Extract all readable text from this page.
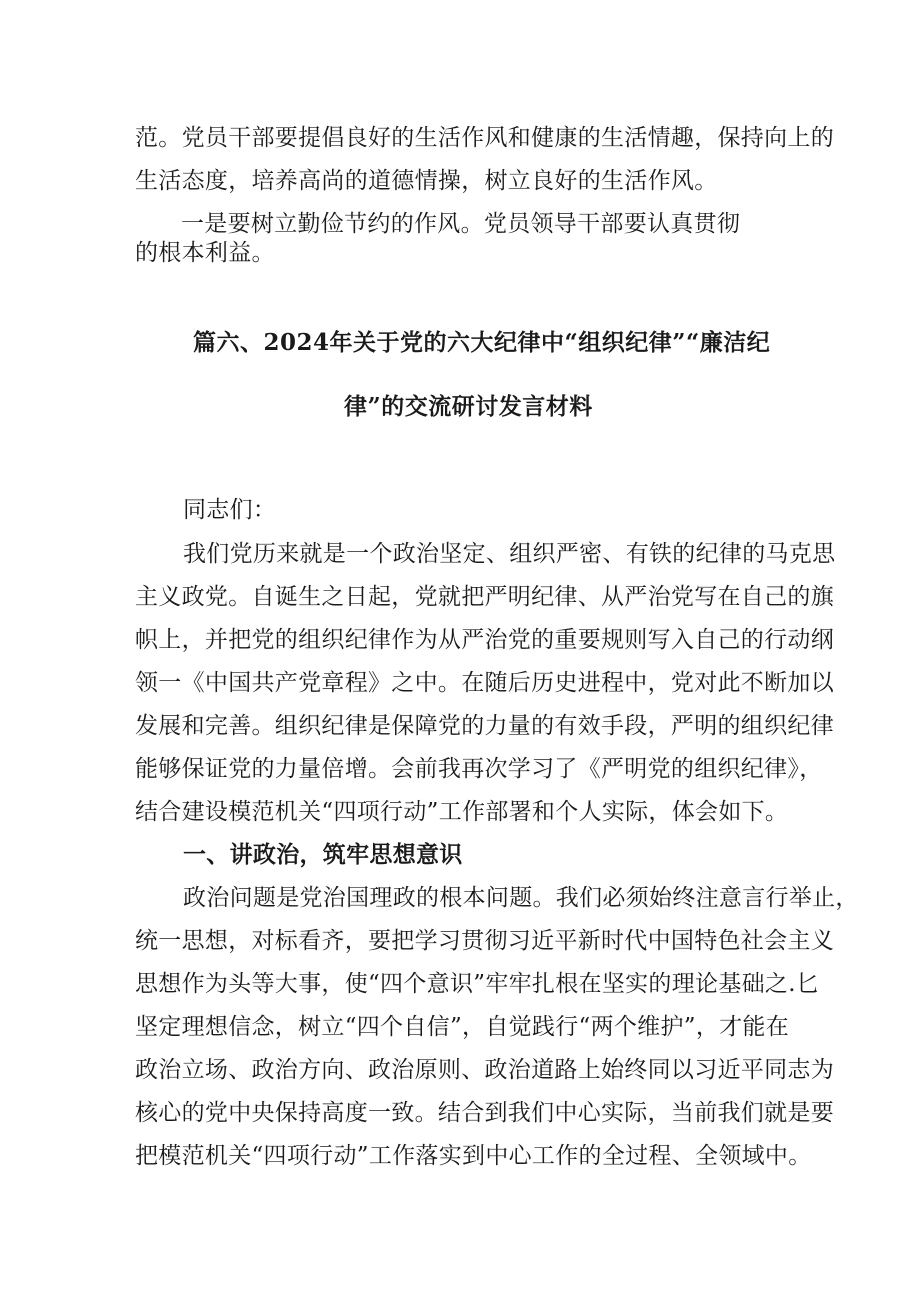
范。党员干部要提倡良好的生活作风和健康的生活情趣，保持向上的
生活态度，培养高尚的道德情操，树立良好的生活作风。
一是要树立勤俭节约的作风。党员领导干部要认真贯彻
的根本利益。
篇六、2024年关于党的六大纪律中“组织纪律”“廉洁纪
律”的交流研讨发言材料
同志们：
我们党历来就是一个政治坚定、组织严密、有铁的纪律的马克思
主义政党。自诞生之日起，党就把严明纪律、从严治党写在自己的旗
帜上，并把党的组织纪律作为从严治党的重要规则写入自己的行动纲
领一《中国共产党章程》之中。在随后历史进程中，党对此不断加以
发展和完善。组织纪律是保障党的力量的有效手段，严明的组织纪律
能够保证党的力量倍增。会前我再次学习了《严明党的组织纪律》，
结合建设模范机关“四项行动”工作部署和个人实际，体会如下。
一、讲政治，筑牢思想意识
政治问题是党治国理政的根本问题。我们必须始终注意言行举止，
统一思想，对标看齐，要把学习贯彻习近平新时代中国特色社会主义
思想作为头等大事，使“四个意识”牢牢扎根在坚实的理论基础之.匕
坚定理想信念，树立“四个自信”，自觉践行“两个维护”，才能在
政治立场、政治方向、政治原则、政治道路上始终同以习近平同志为
核心的党中央保持高度一致。结合到我们中心实际，当前我们就是要
把模范机关“四项行动”工作落实到中心工作的全过程、全领域中。
